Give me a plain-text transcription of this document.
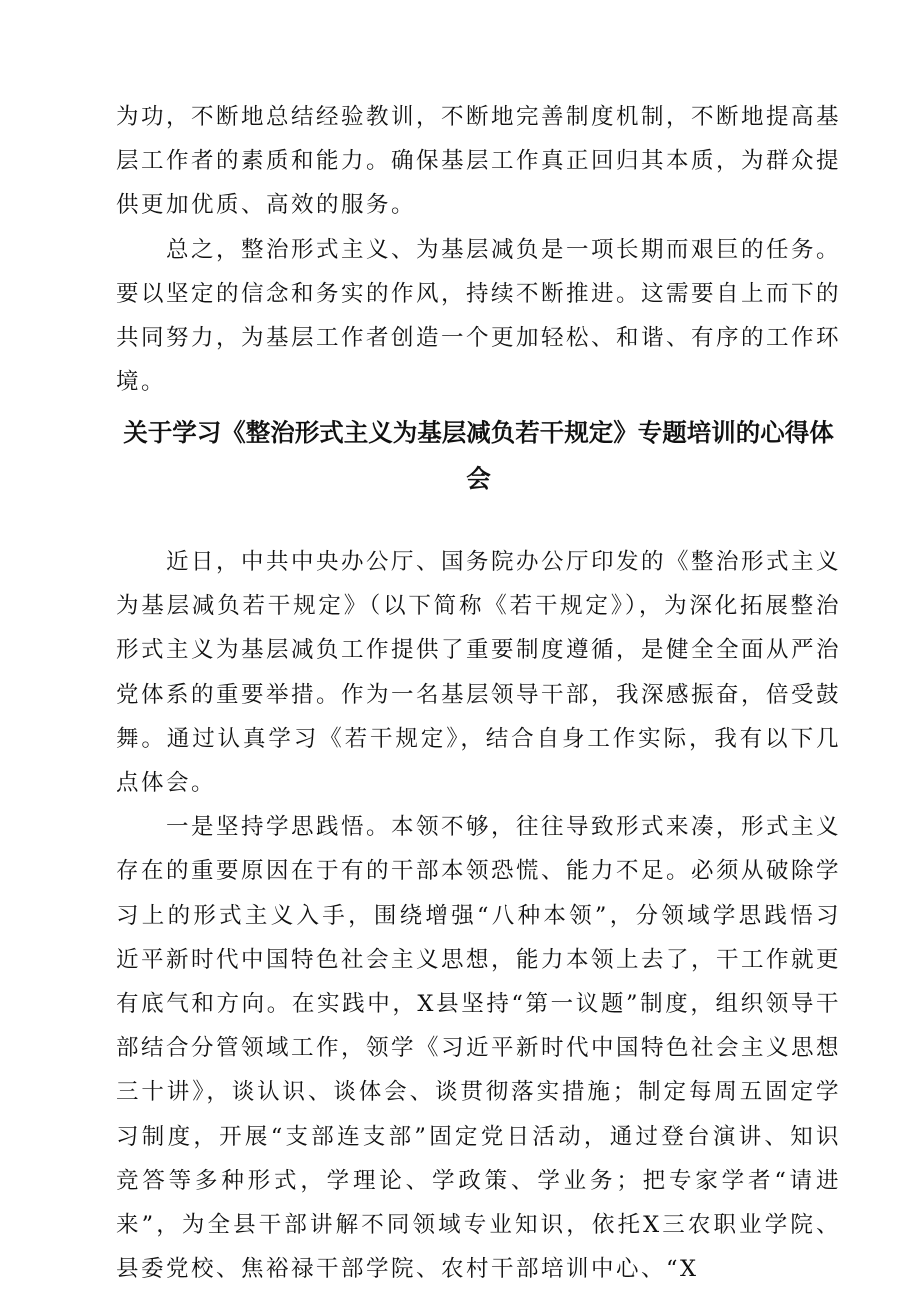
为功，不断地总结经验教训，不断地完善制度机制，不断地提高基层工作者的素质和能力。确保基层工作真正回归其本质，为群众提供更加优质、高效的服务。

总之，整治形式主义、为基层减负是一项长期而艰巨的任务。要以坚定的信念和务实的作风，持续不断推进。这需要自上而下的共同努力，为基层工作者创造一个更加轻松、和谐、有序的工作环境。

关于学习《整治形式主义为基层减负若干规定》专题培训的心得体会

近日，中共中央办公厅、国务院办公厅印发的《整治形式主义为基层减负若干规定》（以下简称《若干规定》），为深化拓展整治形式主义为基层减负工作提供了重要制度遵循，是健全全面从严治党体系的重要举措。作为一名基层领导干部，我深感振奋，倍受鼓舞。通过认真学习《若干规定》，结合自身工作实际，我有以下几点体会。

一是坚持学思践悟。本领不够，往往导致形式来凑，形式主义存在的重要原因在于有的干部本领恐慌、能力不足。必须从破除学习上的形式主义入手，围绕增强“八种本领”，分领域学思践悟习近平新时代中国特色社会主义思想，能力本领上去了，干工作就更有底气和方向。在实践中，X县坚持“第一议题”制度，组织领导干部结合分管领域工作，领学《习近平新时代中国特色社会主义思想三十讲》，谈认识、谈体会、谈贯彻落实措施；制定每周五固定学习制度，开展“支部连支部”固定党日活动，通过登台演讲、知识竞答等多种形式，学理论、学政策、学业务；把专家学者“请进来”，为全县干部讲解不同领域专业知识，依托X三农职业学院、县委党校、焦裕禄干部学院、农村干部培训中心、“X
